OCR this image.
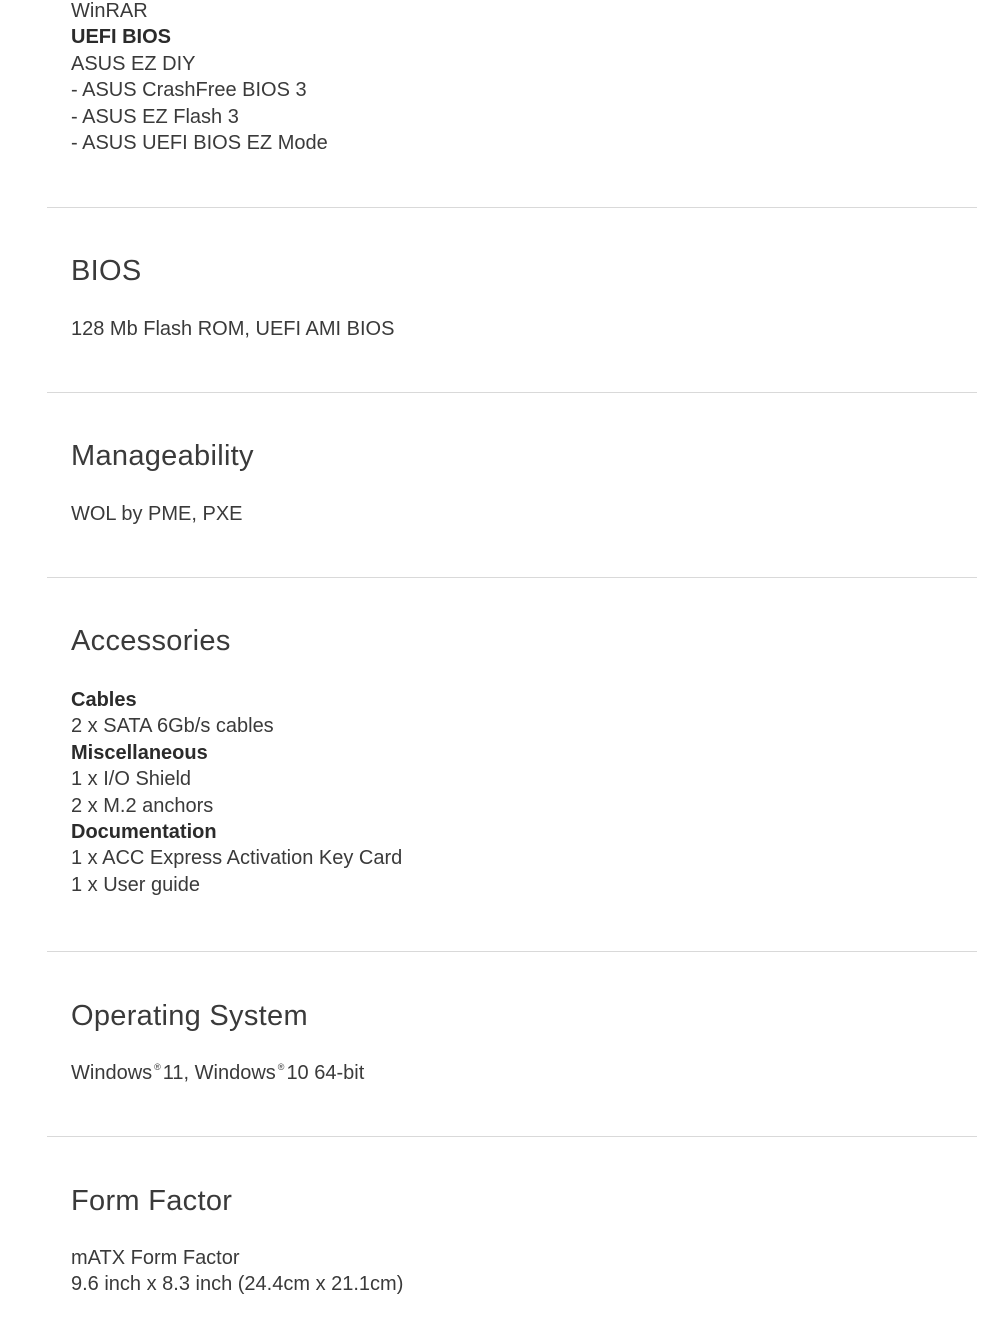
WinRAR
UEFI BIOS
ASUS EZ DIY
- ASUS CrashFree BIOS 3
- ASUS EZ Flash 3
- ASUS UEFI BIOS EZ Mode
BIOS
128 Mb Flash ROM, UEFI AMI BIOS
Manageability
WOL by PME, PXE
Accessories
Cables
2 x SATA 6Gb/s cables
Miscellaneous
1 x I/O Shield
2 x M.2 anchors
Documentation
1 x ACC Express Activation Key Card
1 x User guide
Operating System
Windows ® 11, Windows ® 10 64-bit
Form Factor
mATX Form Factor
9.6 inch x 8.3 inch (24.4cm x 21.1cm)
